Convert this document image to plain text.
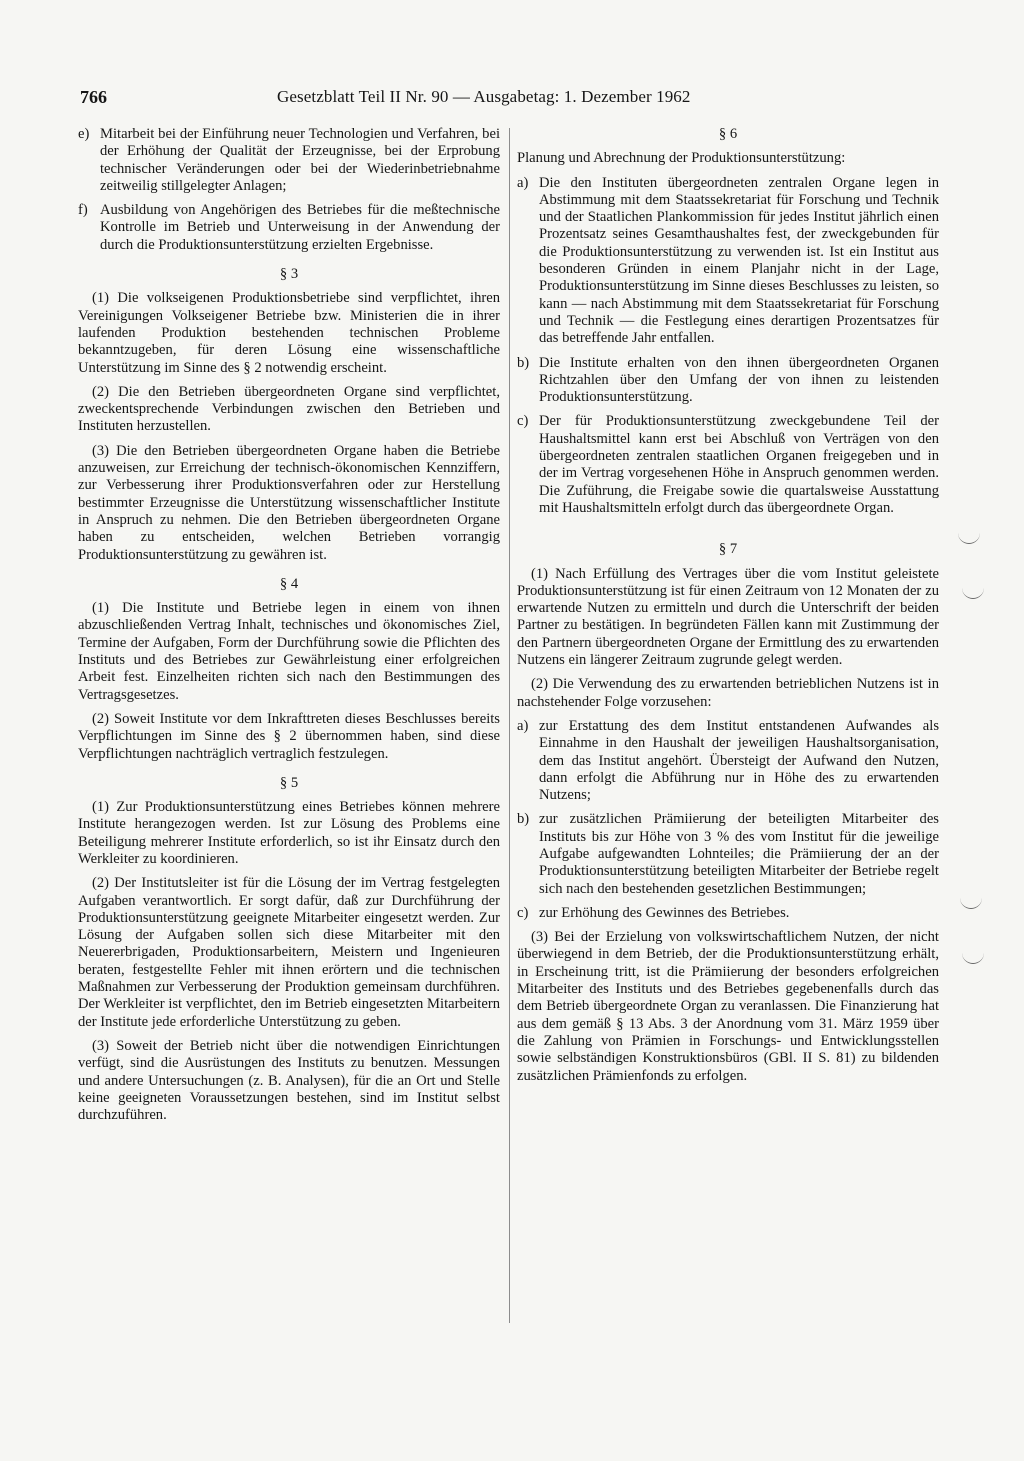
766	Gesetzblatt Teil II Nr. 90 — Ausgabetag: 1. Dezember 1962
e) Mitarbeit bei der Einführung neuer Technologien und Verfahren, bei der Erhöhung der Qualität der Erzeugnisse, bei der Erprobung technischer Veränderungen oder bei der Wiederinbetriebnahme zeitweilig stillgelegter Anlagen;
f) Ausbildung von Angehörigen des Betriebes für die meßtechnische Kontrolle im Betrieb und Unterweisung in der Anwendung der durch die Produktionsunterstützung erzielten Ergebnisse.
§ 3

(1) Die volkseigenen Produktionsbetriebe sind verpflichtet, ihren Vereinigungen Volkseigener Betriebe bzw. Ministerien die in ihrer laufenden Produktion bestehenden technischen Probleme bekanntzugeben, für deren Lösung eine wissenschaftliche Unterstützung im Sinne des § 2 notwendig erscheint.

(2) Die den Betrieben übergeordneten Organe sind verpflichtet, zweckentsprechende Verbindungen zwischen den Betrieben und Instituten herzustellen.

(3) Die den Betrieben übergeordneten Organe haben die Betriebe anzuweisen, zur Erreichung der technisch-ökonomischen Kennziffern, zur Verbesserung ihrer Produktionsverfahren oder zur Herstellung bestimmter Erzeugnisse die Unterstützung wissenschaftlicher Institute in Anspruch zu nehmen. Die den Betrieben übergeordneten Organe haben zu entscheiden, welchen Betrieben vorrangig Produktionsunterstützung zu gewähren ist.

§ 4

(1) Die Institute und Betriebe legen in einem von ihnen abzuschließenden Vertrag Inhalt, technisches und ökonomisches Ziel, Termine der Aufgaben, Form der Durchführung sowie die Pflichten des Instituts und des Betriebes zur Gewährleistung einer erfolgreichen Arbeit fest. Einzelheiten richten sich nach den Bestimmungen des Vertragsgesetzes.

(2) Soweit Institute vor dem Inkrafttreten dieses Beschlusses bereits Verpflichtungen im Sinne des § 2 übernommen haben, sind diese Verpflichtungen nachträglich vertraglich festzulegen.

§ 5

(1) Zur Produktionsunterstützung eines Betriebes können mehrere Institute herangezogen werden. Ist zur Lösung des Problems eine Beteiligung mehrerer Institute erforderlich, so ist ihr Einsatz durch den Werkleiter zu koordinieren.

(2) Der Institutsleiter ist für die Lösung der im Vertrag festgelegten Aufgaben verantwortlich. Er sorgt dafür, daß zur Durchführung der Produktionsunterstützung geeignete Mitarbeiter eingesetzt werden. Zur Lösung der Aufgaben sollen sich diese Mitarbeiter mit den Neuererbrigaden, Produktionsarbeitern, Meistern und Ingenieuren beraten, festgestellte Fehler mit ihnen erörtern und die technischen Maßnahmen zur Verbesserung der Produktion gemeinsam durchführen. Der Werkleiter ist verpflichtet, den im Betrieb eingesetzten Mitarbeitern der Institute jede erforderliche Unterstützung zu geben.

(3) Soweit der Betrieb nicht über die notwendigen Einrichtungen verfügt, sind die Ausrüstungen des Instituts zu benutzen. Messungen und andere Untersuchungen (z. B. Analysen), für die an Ort und Stelle keine geeigneten Voraussetzungen bestehen, sind im Institut selbst durchzuführen.

§ 6

Planung und Abrechnung der Produktionsunterstützung:

a) Die den Instituten übergeordneten zentralen Organe legen in Abstimmung mit dem Staatssekretariat für Forschung und Technik und der Staatlichen Plankommission für jedes Institut jährlich einen Prozentsatz seines Gesamthaushaltes fest, der zweckgebunden für die Produktionsunterstützung zu verwenden ist. Ist ein Institut aus besonderen Gründen in einem Planjahr nicht in der Lage, Produktionsunterstützung im Sinne dieses Beschlusses zu leisten, so kann — nach Abstimmung mit dem Staatssekretariat für Forschung und Technik — die Festlegung eines derartigen Prozentsatzes für das betreffende Jahr entfallen.
b) Die Institute erhalten von den ihnen übergeordneten Organen Richtzahlen über den Umfang der von ihnen zu leistenden Produktionsunterstützung.
c) Der für Produktionsunterstützung zweckgebundene Teil der Haushaltsmittel kann erst bei Abschluß von Verträgen von den übergeordneten zentralen staatlichen Organen freigegeben und in der im Vertrag vorgesehenen Höhe in Anspruch genommen werden. Die Zuführung, die Freigabe sowie die quartalsweise Ausstattung mit Haushaltsmitteln erfolgt durch das übergeordnete Organ.
§ 7

(1) Nach Erfüllung des Vertrages über die vom Institut geleistete Produktionsunterstützung ist für einen Zeitraum von 12 Monaten der zu erwartende Nutzen zu ermitteln und durch die Unterschrift der beiden Partner zu bestätigen. In begründeten Fällen kann mit Zustimmung der den Partnern übergeordneten Organe der Ermittlung des zu erwartenden Nutzens ein längerer Zeitraum zugrunde gelegt werden.

(2) Die Verwendung des zu erwartenden betrieblichen Nutzens ist in nachstehender Folge vorzusehen:

a) zur Erstattung des dem Institut entstandenen Aufwandes als Einnahme in den Haushalt der jeweiligen Haushaltsorganisation, dem das Institut angehört. Übersteigt der Aufwand den Nutzen, dann erfolgt die Abführung nur in Höhe des zu erwartenden Nutzens;
b) zur zusätzlichen Prämiierung der beteiligten Mitarbeiter des Instituts bis zur Höhe von 3 % des vom Institut für die jeweilige Aufgabe aufgewandten Lohnteiles; die Prämiierung der an der Produktionsunterstützung beteiligten Mitarbeiter der Betriebe regelt sich nach den bestehenden gesetzlichen Bestimmungen;
c) zur Erhöhung des Gewinnes des Betriebes.

(3) Bei der Erzielung von volkswirtschaftlichem Nutzen, der nicht überwiegend in dem Betrieb, der die Produktionsunterstützung erhält, in Erscheinung tritt, ist die Prämiierung der besonders erfolgreichen Mitarbeiter des Instituts und des Betriebes gegebenenfalls durch das dem Betrieb übergeordnete Organ zu veranlassen. Die Finanzierung hat aus dem gemäß § 13 Abs. 3 der Anordnung vom 31. März 1959 über die Zahlung von Prämien in Forschungs- und Entwicklungsstellen sowie selbständigen Konstruktionsbüros (GBl. II S. 81) zu bildenden zusätzlichen Prämienfonds zu erfolgen.
